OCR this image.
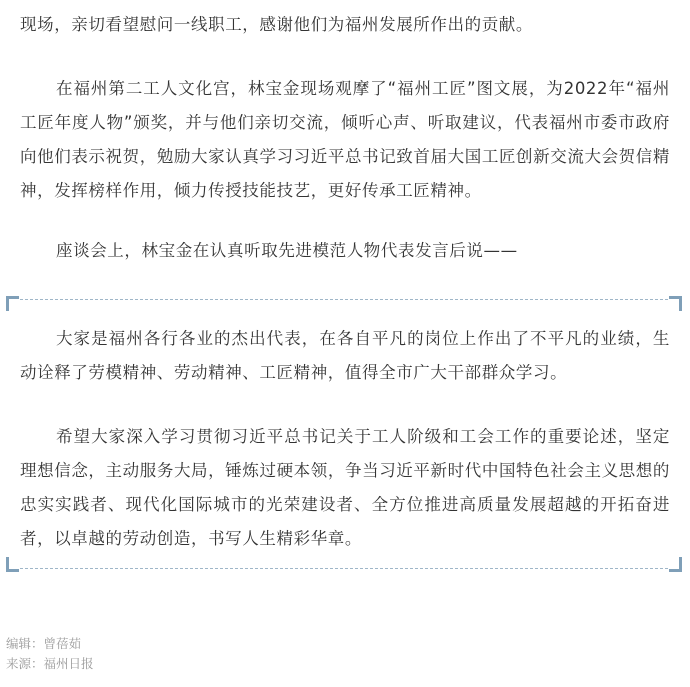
现场，亲切看望慰问一线职工，感谢他们为福州发展所作出的贡献。

在福州第二工人文化宫，林宝金现场观摩了“福州工匠”图文展，为2022年“福州工匠年度人物”颁奖，并与他们亲切交流，倾听心声、听取建议，代表福州市委市政府向他们表示祝贺，勉励大家认真学习习近平总书记致首届大国工匠创新交流大会贺信精神，发挥榜样作用，倾力传授技能技艺，更好传承工匠精神。

座谈会上，林宝金在认真听取先进模范人物代表发言后说——

大家是福州各行各业的杰出代表，在各自平凡的岗位上作出了不平凡的业绩，生动诠释了劳模精神、劳动精神、工匠精神，值得全市广大干部群众学习。

希望大家深入学习贯彻习近平总书记关于工人阶级和工会工作的重要论述，坚定理想信念，主动服务大局，锤炼过硬本领，争当习近平新时代中国特色社会主义思想的忠实实践者、现代化国际城市的光荣建设者、全方位推进高质量发展超越的开拓奋进者，以卓越的劳动创造，书写人生精彩华章。

编辑：曾蓓茹
来源：福州日报
